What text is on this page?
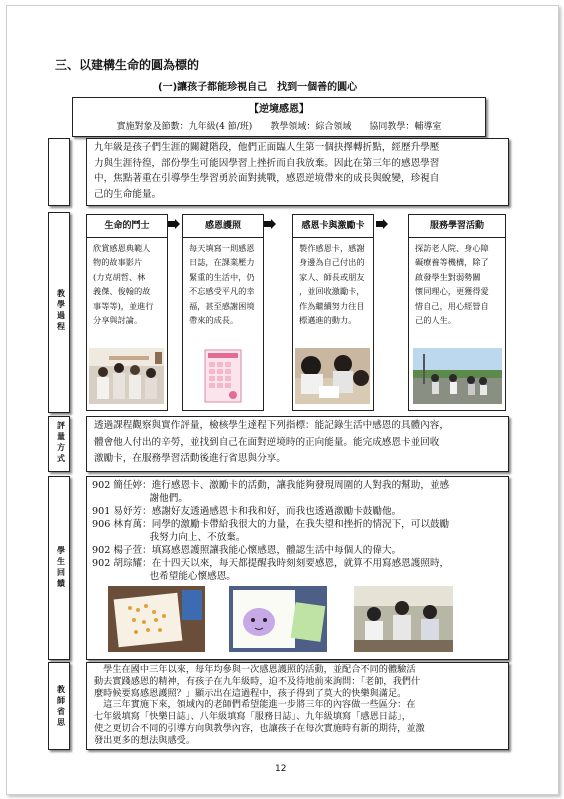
三、以建構生命的圓為標的
(一)讓孩子都能珍視自己　找到一個善的圓心
【逆境感恩】
實施對象及節數：九年級(4 節/班)　　教學領域：綜合領域　　協同教學：輔導室
九年級是孩子們生涯的關鍵階段，他們正面臨人生第一個抉擇轉折點，經歷升學壓
力與生涯待徨，部份學生可能因學習上挫折而自我放棄。因此在第三年的感恩學習
中，焦點著重在引導學生學習勇於面對挑戰，感恩逆境帶來的成長與蛻變，珍視自
己的生命能量。
教
學
過
程
生命的鬥士
欣賞感恩典範人
物的故事影片
(力克胡哲、林
義傑、俊翰的故
事等等)，並進行
分享與討論。
感恩護照
每天填寫一則感恩
日誌，在課業壓力
緊重的生活中，仍
不忘感受平凡的幸
福，甚至感謝困境
帶來的成長。
感恩卡與激勵卡
製作感恩卡，感謝
身邊為自己付出的
家人、師長或朋友
，並回收激勵卡，
作為繼續努力往目
標邁進的動力。
服務學習活動
探訪老人院、身心障
礙療養等機構，除了
啟發學生對弱勢關
懷同理心，更獲得愛
惜自己，用心經營自
己的人生。
評
量
方
式
透過課程觀察與實作評量，檢核學生達程下列指標：能記錄生活中感恩的具體內容，
體會他人付出的辛勞，並找到自己在面對逆境時的正向能量。能完成感恩卡並回收
激勵卡，在服務學習活動後進行省思與分享。
學
生
回
饋
902 簡任婷：進行感恩卡、激勵卡的活動，讓我能夠發現周圍的人對我的幫助，並感
　　　　　　謝他們。
901 易妤芳：感謝好友透過感恩卡和我和好，而我也透過激勵卡鼓勵他。
906 林育萬：同學的激勵卡帶給我很大的力量，在我失望和挫折的情況下，可以鼓勵
　　　　　　我努力向上、不放棄。
902 楊子萱：填寫感恩護照讓我能心懷感恩，體認生活中每個人的偉大。
902 胡琮耀：在十四天以來，每天都提醒我時刻刻要感恩，就算不用寫感恩護照時，
　　　　　　也希望能心懷感恩。
教
師
省
思
　學生在國中三年以來，每年均參與一次感恩護照的活動，並配合不同的體驗活
動去實踐感恩的精神，有孩子在九年級時，迫不及待地前來詢問：「老師，我們什
麼時候要寫感恩護照？」顯示出在這過程中，孩子得到了莫大的快樂與滿足。
　這三年實施下來，領域內的老師們希望能進一步將三年的內容做一些區分：在
七年級填寫「快樂日誌」、八年級填寫「服務日誌」、九年級填寫「感恩日誌」，
使之更切合不同的引導方向與教學內容，也讓孩子在每次實施時有新的期待，並激
發出更多的想法與感受。
12
